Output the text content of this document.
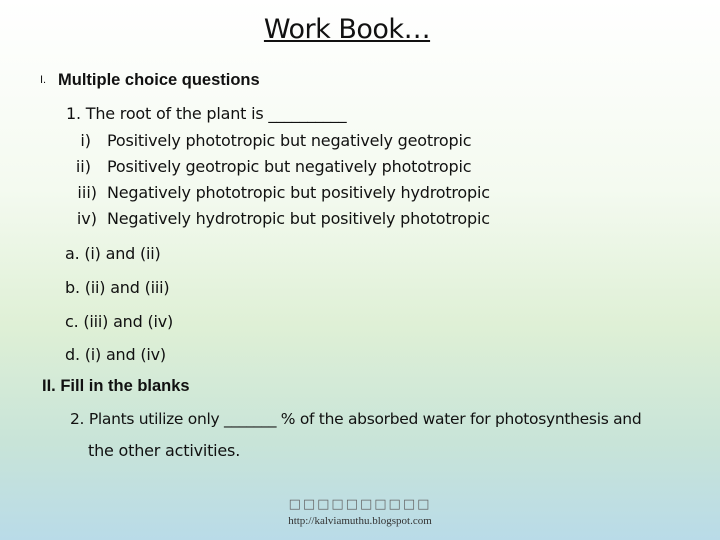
Work Book…
I. Multiple choice questions
1. The root of the plant is __________
i) Positively phototropic but negatively geotropic
ii) Positively geotropic but negatively phototropic
iii) Negatively phototropic but positively hydrotropic
iv) Negatively hydrotropic but positively phototropic
a. (i) and (ii)
b. (ii) and (iii)
c. (iii) and (iv)
d. (i) and (iv)
II. Fill in the blanks
2. Plants utilize only _______ % of the absorbed water for photosynthesis and
the other activities.
□□□□□□□□□□
http://kalviamuthu.blogspot.com
